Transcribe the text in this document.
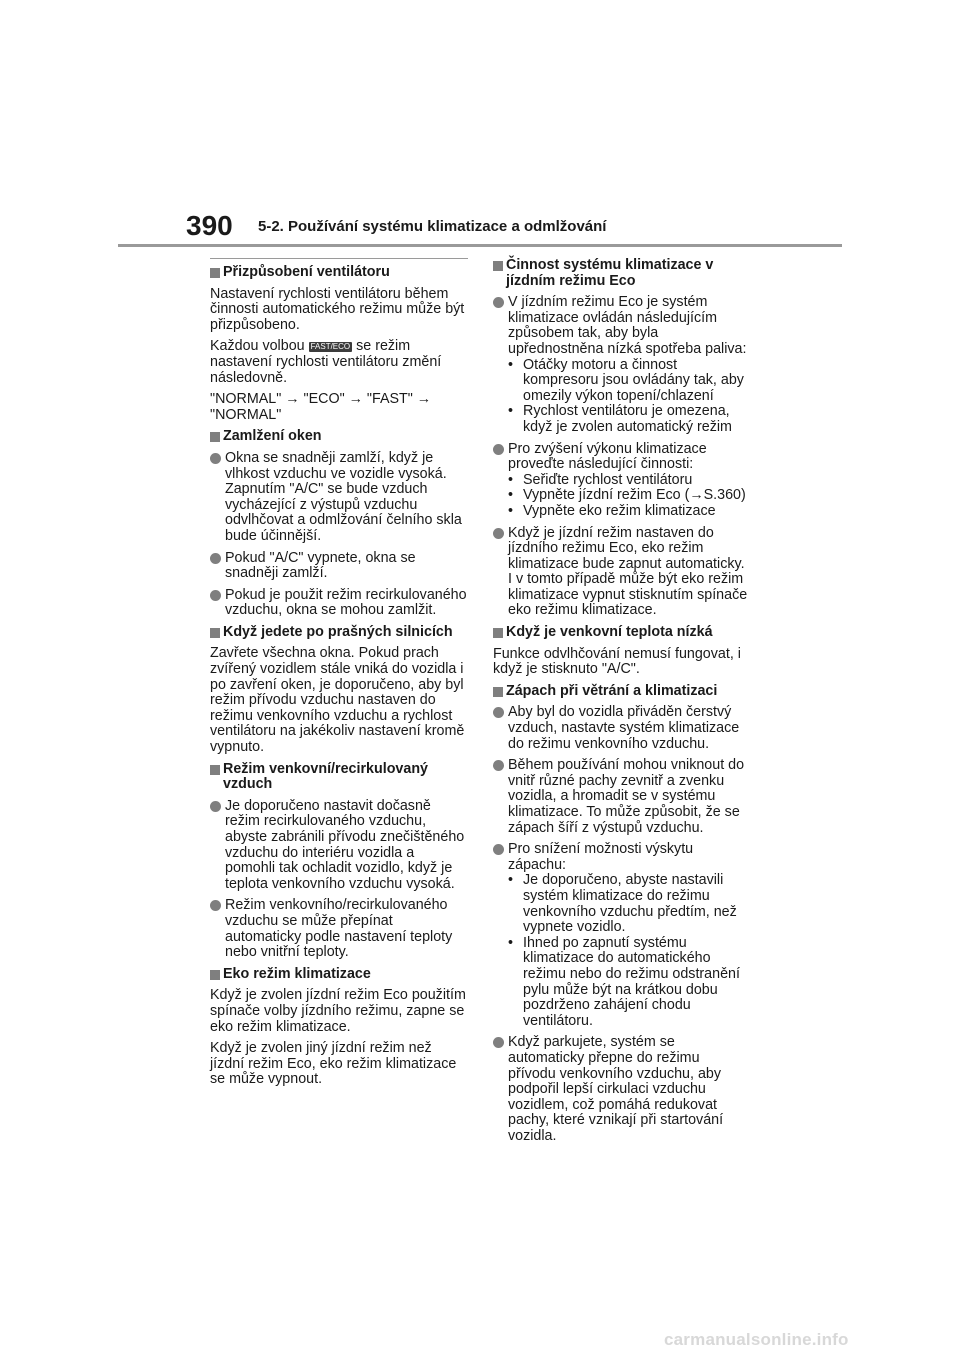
390 5-2. Používání systému klimatizace a odmlžování
Přizpůsobení ventilátoru
Nastavení rychlosti ventilátoru během činnosti automatického režimu může být přizpůsobeno.
Každou volbou FAST/ECO se režim nastavení rychlosti ventilátoru změní následovně.
"NORMAL" → "ECO" → "FAST" → "NORMAL"
Zamlžení oken
Okna se snadněji zamlží, když je vlhkost vzduchu ve vozidle vysoká. Zapnutím "A/C" se bude vzduch vycházející z výstupů vzduchu odvlhčovat a odmlžování čelního skla bude účinnější.
Pokud "A/C" vypnete, okna se snadněji zamlží.
Pokud je použit režim recirkulovaného vzduchu, okna se mohou zamlžit.
Když jedete po prašných silnicích
Zavřete všechna okna. Pokud prach zvířený vozidlem stále vniká do vozidla i po zavření oken, je doporučeno, aby byl režim přívodu vzduchu nastaven do režimu venkovního vzduchu a rychlost ventilátoru na jakékoliv nastavení kromě vypnuto.
Režim venkovní/recirkulovaný vzduch
Je doporučeno nastavit dočasně režim recirkulovaného vzduchu, abyste zabránili přívodu znečištěného vzduchu do interiéru vozidla a pomohli tak ochladit vozidlo, když je teplota venkovního vzduchu vysoká.
Režim venkovního/recirkulovaného vzduchu se může přepínat automaticky podle nastavení teploty nebo vnitřní teploty.
Eko režim klimatizace
Když je zvolen jízdní režim Eco použitím spínače volby jízdního režimu, zapne se eko režim klimatizace.
Když je zvolen jiný jízdní režim než jízdní režim Eco, eko režim klimatizace se může vypnout.
Činnost systému klimatizace v jízdním režimu Eco
V jízdním režimu Eco je systém klimatizace ovládán následujícím způsobem tak, aby byla upřednostněna nízká spotřeba paliva:
• Otáčky motoru a činnost kompresoru jsou ovládány tak, aby omezily výkon topení/chlazení
• Rychlost ventilátoru je omezena, když je zvolen automatický režim
Pro zvýšení výkonu klimatizace proveďte následující činnosti:
• Seřiďte rychlost ventilátoru
• Vypněte jízdní režim Eco (→S.360)
• Vypněte eko režim klimatizace
Když je jízdní režim nastaven do jízdního režimu Eco, eko režim klimatizace bude zapnut automaticky. I v tomto případě může být eko režim klimatizace vypnut stisknutím spínače eko režimu klimatizace.
Když je venkovní teplota nízká
Funkce odvlhčování nemusí fungovat, i když je stisknuto "A/C".
Zápach při větrání a klimatizaci
Aby byl do vozidla přiváděn čerstvý vzduch, nastavte systém klimatizace do režimu venkovního vzduchu.
Během používání mohou vniknout do vnitř různé pachy zevnitř a zvenku vozidla, a hromadit se v systému klimatizace. To může způsobit, že se zápach šíří z výstupů vzduchu.
Pro snížení možnosti výskytu zápachu:
• Je doporučeno, abyste nastavili systém klimatizace do režimu venkovního vzduchu předtím, než vypnete vozidlo.
• Ihned po zapnutí systému klimatizace do automatického režimu nebo do režimu odstranění pylu může být na krátkou dobu pozdrženo zahájení chodu ventilátoru.
Když parkujete, systém se automaticky přepne do režimu přívodu venkovního vzduchu, aby podpořil lepší cirkulaci vzduchu vozidlem, což pomáhá redukovat pachy, které vznikají při startování vozidla.
carmanualsonline.info
